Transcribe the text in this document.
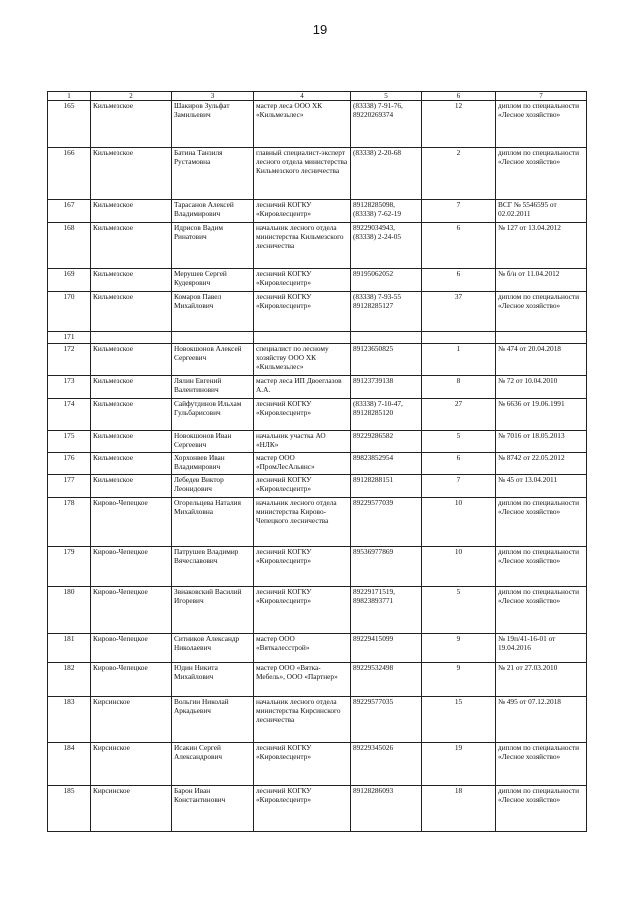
19
1	2	3	4	5	6	7
165	Кильмезское	Шакиров Зульфат Замильевич	мастер леса ООО ХК «Кильмезьлес»	(83338) 7-91-76, 89220269374	12	диплом по специальности «Лесное хозяйство»
166	Кильмезское	Батина Танзиля Рустамовна	главный специалист-эксперт лесного отдела министерства Кильмезского лесничества	(83338) 2-20-68	2	диплом по специальности «Лесное хозяйство»
167	Кильмезское	Тарасанов Алексей Владимирович	лесничий КОГКУ «Кировлесцентр»	89128285098, (83338) 7-62-19	7	ВСГ № 5546595 от 02.02.2011
168	Кильмезское	Идрисов Вадим Ринатович	начальник лесного отдела министерства Кильмезского лесничества	89229034943, (83338) 2-24-05	6	№ 127 от 13.04.2012
169	Кильмезское	Мерушев Сергей Кудеярович	лесничий КОГКУ «Кировлесцентр»	89195062052	6	№ б/н от 11.04.2012
170	Кильмезское	Комаров Павел Михайлович	лесничий КОГКУ «Кировлесцентр»	(83338) 7-93-55 89128285127	37	диплом по специальности «Лесное хозяйство»
171						
172	Кильмезское	Новокшонов Алексей Сергеевич	специалист по лесному хозяйству ООО ХК «Кильмезьлес»	89123650825	1	№ 474 от 20.04.2018
173	Кильмезское	Лялин Евгений Валентинович	мастер леса ИП Двоеглазов А.А.	89123739138	8	№ 72 от 10.04.2010
174	Кильмезское	Сайфутдинов Ильхам Гульбарисович	лесничий КОГКУ «Кировлесцентр»	(83338) 7-10-47, 89128285120	27	№ 6636 от 19.06.1991
175	Кильмезское	Новокшонов Иван Сергеевич	начальник участка АО «НЛК»	89229286582	5	№ 7016 от 18.05.2013
176	Кильмезское	Хорхонвев Иван Владимирович	мастер ООО «ПромЛесАльянс»	89823852954	6	№ 8742 от 22.05.2012
177	Кильмезское	Лебедев Виктор Леонидович	лесничий КОГКУ «Кировлесцентр»	89128288151	7	№ 45 от 13.04.2011
178	Кирово-Чепецкое	Огорельцева Наталия Михайловна	начальник лесного отдела министерства Кирово-Чепецкого лесничества	89229577039	10	диплом по специальности «Лесное хозяйство»
179	Кирово-Чепецкое	Патрушев Владимир Вячеславович	лесничий КОГКУ «Кировлесцентр»	89536977869	10	диплом по специальности «Лесное хозяйство»
180	Кирово-Чепецкое	Звиаковский Василий Игоревич	лесничий КОГКУ «Кировлесцентр»	89229171519, 89823893771	5	диплом по специальности «Лесное хозяйство»
181	Кирово-Чепецкое	Ситников Александр Николаевич	мастер ООО «Вяткалесстрой»	89229415099	9	№ 19п/41-16-01 от 19.04.2016
182	Кирово-Чепецкое	Юдин Никита Михайлович	мастер ООО «Вятка-Мебель», ООО «Партнер»	89229532498	9	№ 21 от 27.03.2010
183	Кирсинское	Вольгин Николай Аркадьевич	начальник лесного отдела министерства Кирсинского лесничества	89229577035	15	№ 495 от 07.12.2018
184	Кирсинское	Исакин Сергей Александрович	лесничий КОГКУ «Кировлесцентр»	89229345026	19	диплом по специальности «Лесное хозяйство»
185	Кирсинское	Барон Иван Константинович	лесничий КОГКУ «Кировлесцентр»	89128286093	18	диплом по специальности «Лесное хозяйство»
